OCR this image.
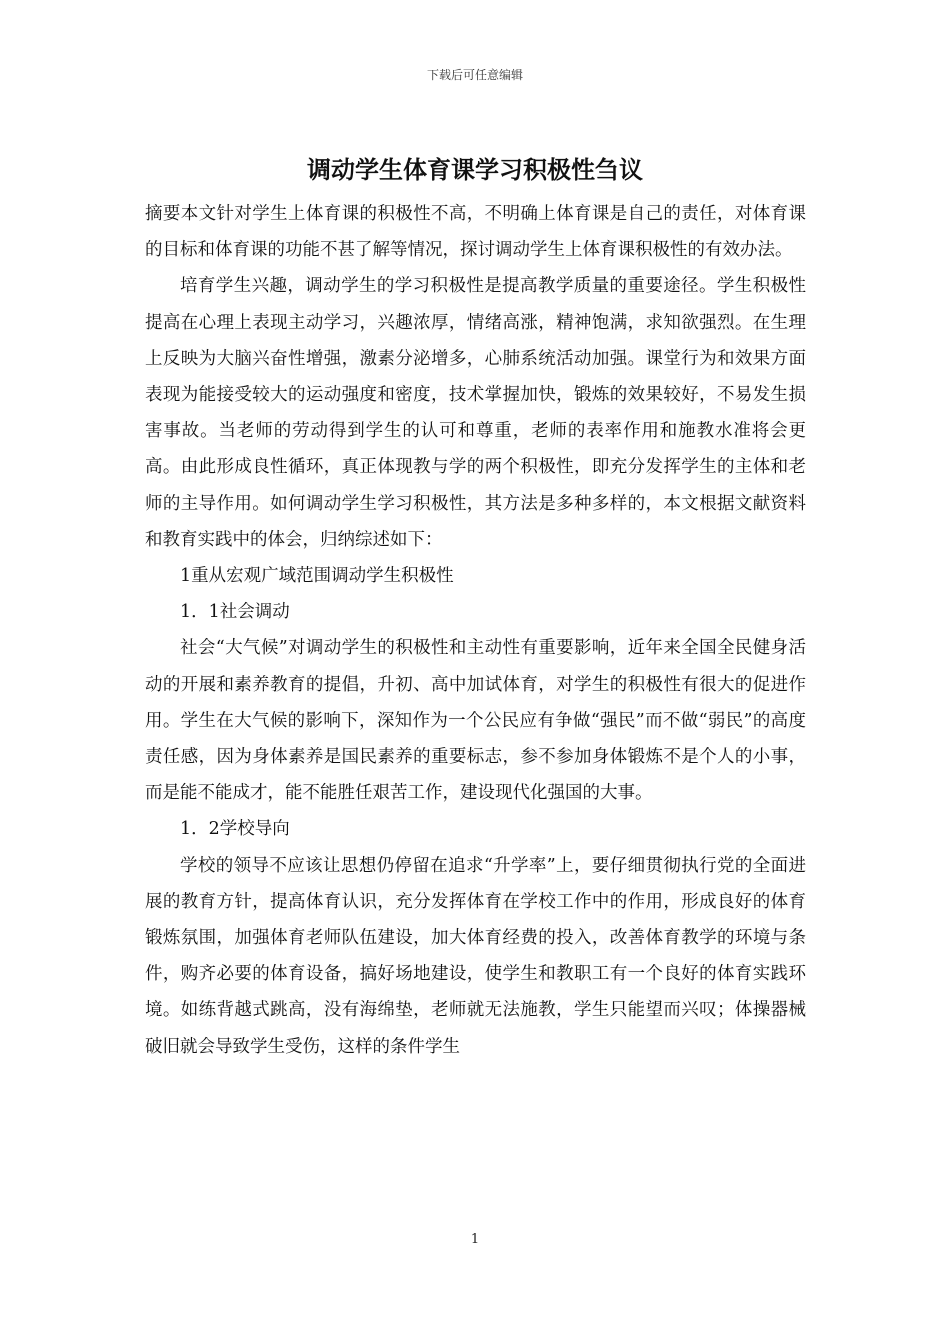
下载后可任意编辑
调动学生体育课学习积极性刍议

摘要本文针对学生上体育课的积极性不高，不明确上体育课是自己的责任，对体育课的目标和体育课的功能不甚了解等情况，探讨调动学生上体育课积极性的有效办法。

培育学生兴趣，调动学生的学习积极性是提高教学质量的重要途径。学生积极性提高在心理上表现主动学习，兴趣浓厚，情绪高涨，精神饱满，求知欲强烈。在生理上反映为大脑兴奋性增强，激素分泌增多，心肺系统活动加强。课堂行为和效果方面表现为能接受较大的运动强度和密度，技术掌握加快，锻炼的效果较好，不易发生损害事故。当老师的劳动得到学生的认可和尊重，老师的表率作用和施教水准将会更高。由此形成良性循环，真正体现教与学的两个积极性，即充分发挥学生的主体和老师的主导作用。如何调动学生学习积极性，其方法是多种多样的，本文根据文献资料和教育实践中的体会，归纳综述如下：

1重从宏观广域范围调动学生积极性

1．1社会调动

社会“大气候”对调动学生的积极性和主动性有重要影响，近年来全国全民健身活动的开展和素养教育的提倡，升初、高中加试体育，对学生的积极性有很大的促进作用。学生在大气候的影响下，深知作为一个公民应有争做“强民”而不做“弱民”的高度责任感，因为身体素养是国民素养的重要标志，参不参加身体锻炼不是个人的小事，而是能不能成才，能不能胜任艰苦工作，建设现代化强国的大事。

1．2学校导向

学校的领导不应该让思想仍停留在追求“升学率”上，要仔细贯彻执行党的全面进展的教育方针，提高体育认识，充分发挥体育在学校工作中的作用，形成良好的体育锻炼氛围，加强体育老师队伍建设，加大体育经费的投入，改善体育教学的环境与条件，购齐必要的体育设备，搞好场地建设，使学生和教职工有一个良好的体育实践环境。如练背越式跳高，没有海绵垫，老师就无法施教，学生只能望而兴叹；体操器械破旧就会导致学生受伤，这样的条件学生

1
